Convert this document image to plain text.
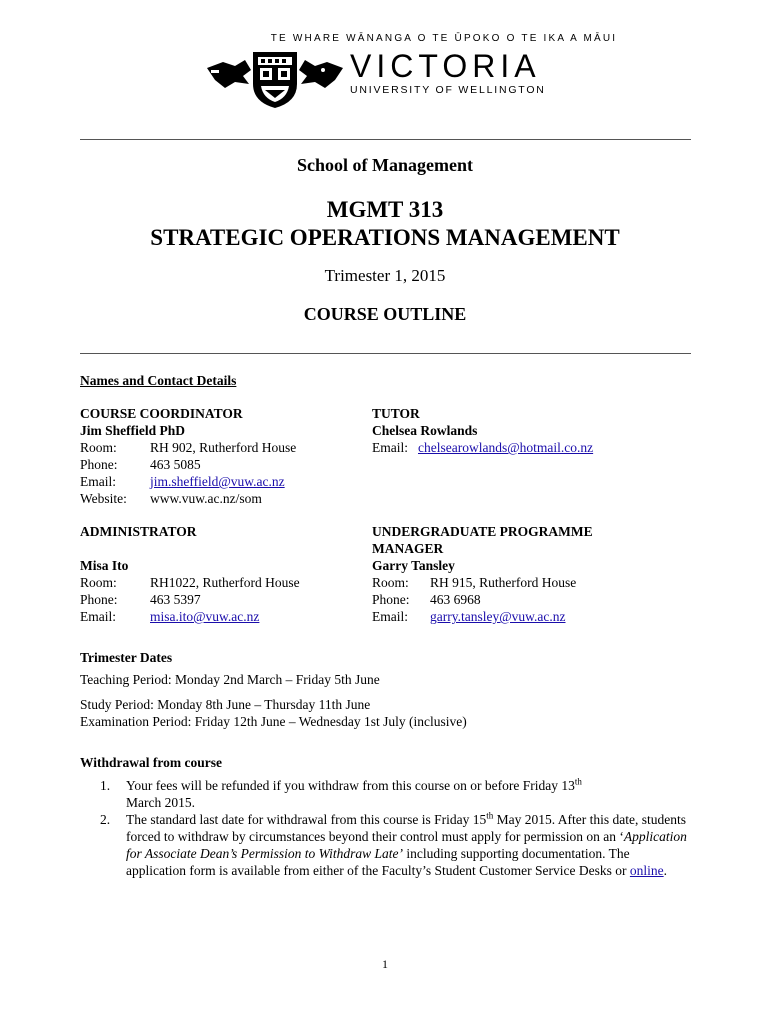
TE WHARE WĀNANGA O TE ŪPOKO O TE IKA A MĀUI
VICTORIA
UNIVERSITY OF WELLINGTON
School of Management
MGMT 313
STRATEGIC OPERATIONS MANAGEMENT
Trimester 1, 2015
COURSE OUTLINE
Names and Contact Details
COURSE COORDINATOR
Jim Sheffield PhD
Room: RH 902, Rutherford House
Phone: 463 5085
Email:	jim.sheffield@vuw.ac.nz
Website: www.vuw.ac.nz/som
TUTOR
Chelsea Rowlands
Email: chelsearowlands@hotmail.co.nz
ADMINISTRATOR
Misa Ito
Room: RH1022, Rutherford House
Phone: 463 5397
Email:	misa.ito@vuw.ac.nz
UNDERGRADUATE PROGRAMME
MANAGER
Garry Tansley
Room: RH 915, Rutherford House
Phone: 463 6968
Email: garry.tansley@vuw.ac.nz
Trimester Dates
Teaching Period: Monday 2nd March – Friday 5th June
Study Period: Monday 8th June – Thursday 11th June
Examination Period: Friday 12th June – Wednesday 1st July (inclusive)
Withdrawal from course
1. Your fees will be refunded if you withdraw from this course on or before Friday 13th
March 2015.
2. The standard last date for withdrawal from this course is Friday 15th May 2015. After this date, students forced to withdraw by circumstances beyond their control must apply for permission on an ‘Application for Associate Dean’s Permission to Withdraw Late’ including supporting documentation. The application form is available from either of the Faculty’s Student Customer Service Desks or online.
1
